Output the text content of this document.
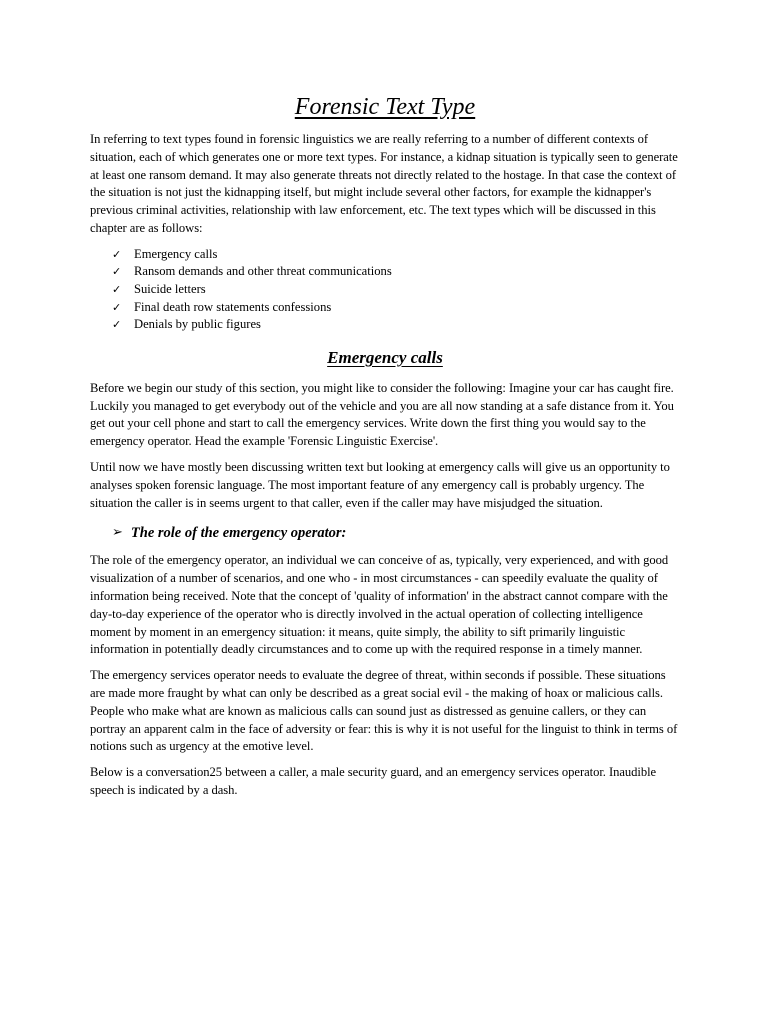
Forensic Text Type

In referring to text types found in forensic linguistics we are really referring to a number of different contexts of situation, each of which generates one or more text types. For instance, a kidnap situation is typically seen to generate at least one ransom demand. It may also generate threats not directly related to the hostage. In that case the context of the situation is not just the kidnapping itself, but might include several other factors, for example the kidnapper's previous criminal activities, relationship with law enforcement, etc. The text types which will be discussed in this chapter are as follows:

✓ Emergency calls
✓ Ransom demands and other threat communications
✓ Suicide letters
✓ Final death row statements confessions
✓ Denials by public figures
Emergency calls

Before we begin our study of this section, you might like to consider the following: Imagine your car has caught fire. Luckily you managed to get everybody out of the vehicle and you are all now standing at a safe distance from it. You get out your cell phone and start to call the emergency services. Write down the first thing you would say to the emergency operator. Head the example 'Forensic Linguistic Exercise'.

Until now we have mostly been discussing written text but looking at emergency calls will give us an opportunity to analyses spoken forensic language. The most important feature of any emergency call is probably urgency. The situation the caller is in seems urgent to that caller, even if the caller may have misjudged the situation.

➢ The role of the emergency operator:

The role of the emergency operator, an individual we can conceive of as, typically, very experienced, and with good visualization of a number of scenarios, and one who - in most circumstances - can speedily evaluate the quality of information being received. Note that the concept of 'quality of information' in the abstract cannot compare with the day-to-day experience of the operator who is directly involved in the actual operation of collecting intelligence moment by moment in an emergency situation: it means, quite simply, the ability to sift primarily linguistic information in potentially deadly circumstances and to come up with the required response in a timely manner.

The emergency services operator needs to evaluate the degree of threat, within seconds if possible. These situations are made more fraught by what can only be described as a great social evil - the making of hoax or malicious calls. People who make what are known as malicious calls can sound just as distressed as genuine callers, or they can portray an apparent calm in the face of adversity or fear: this is why it is not useful for the linguist to think in terms of notions such as urgency at the emotive level.

Below is a conversation25 between a caller, a male security guard, and an emergency services operator. Inaudible speech is indicated by a dash.
